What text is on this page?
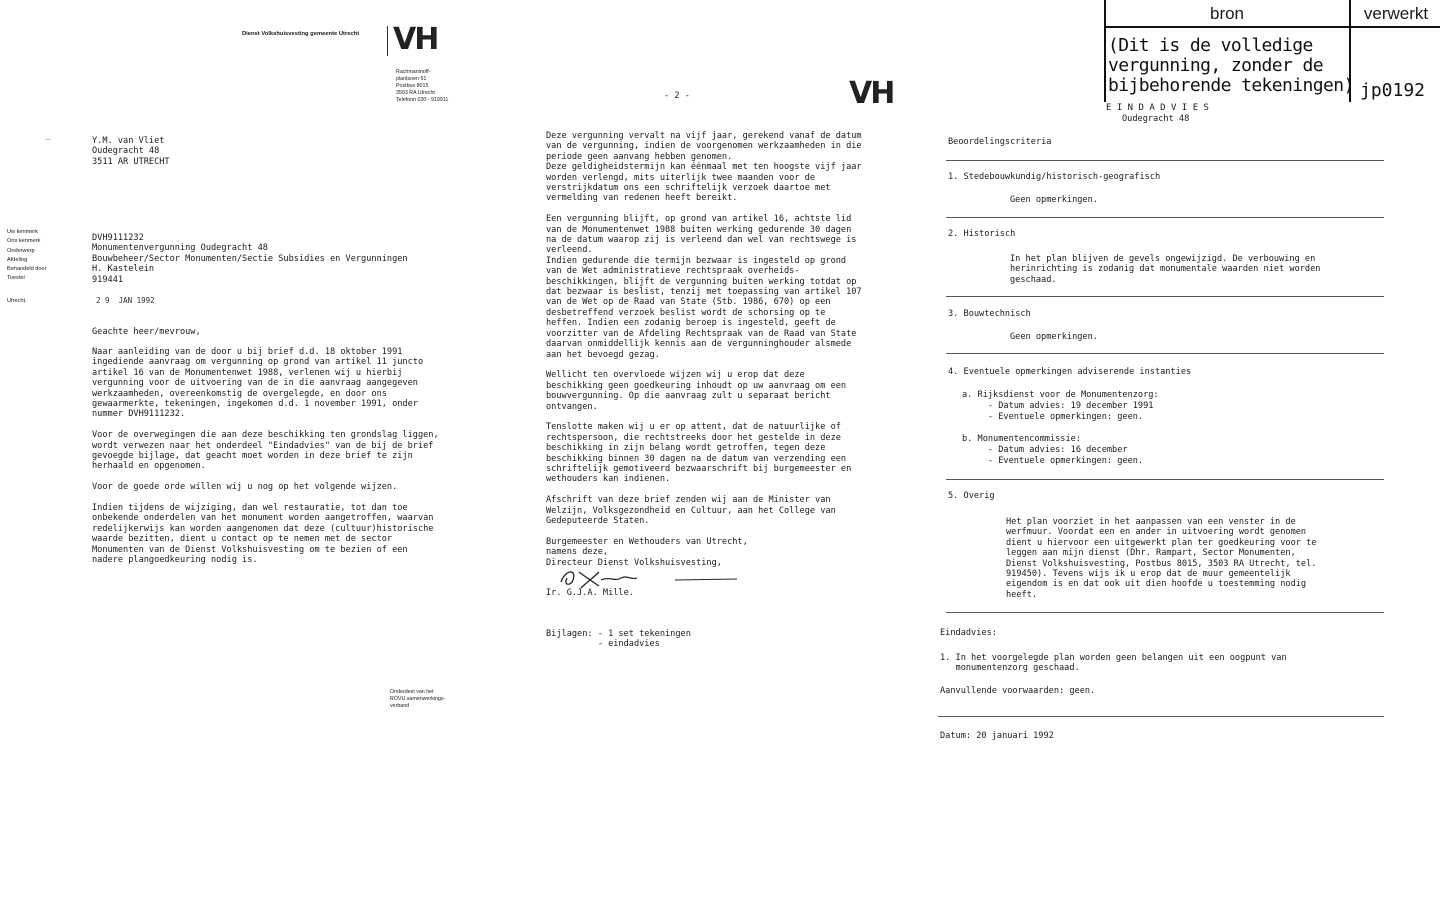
bron	verwerkt
(Dit is de volledige
vergunning, zonder de
bijbehorende tekeningen) jp0192
Dienst Volkshuisvesting gemeente Utrecht VH
Rachmaninoff-
plantsoen 61
Postbus 8015
3503 RA Utrecht
Telefoon 030 - 919911
Y.M. van Vliet
Oudegracht 48
3511 AR UTRECHT
—
Uw kenmerk
Ons kenmerk
Onderwerp
Afdeling
Behandeld door
Toestel
Utrecht,
DVH9111232
Monumentenvergunning Oudegracht 48
Bouwbeheer/Sector Monumenten/Sectie Subsidies en Vergunningen
H. Kastelein
919441
2 9  JAN 1992
Geachte heer/mevrouw,

Naar aanleiding van de door u bij brief d.d. 18 oktober 1991
ingediende aanvraag om vergunning op grond van artikel 11 juncto
artikel 16 van de Monumentenwet 1988, verlenen wij u hierbij
vergunning voor de uitvoering van de in die aanvraag aangegeven
werkzaamheden, overeenkomstig de overgelegde, en door ons
gewaarmerkte, tekeningen, ingekomen d.d. 1 november 1991, onder
nummer DVH9111232.

Voor de overwegingen die aan deze beschikking ten grondslag liggen,
wordt verwezen naar het onderdeel "Eindadvies" van de bij de brief
gevoegde bijlage, dat geacht moet worden in deze brief te zijn
herhaald en opgenomen.

Voor de goede orde willen wij u nog op het volgende wijzen.

Indien tijdens de wijziging, dan wel restauratie, tot dan toe
onbekende onderdelen van het monument worden aangetroffen, waarvan
redelijkerwijs kan worden aangenomen dat deze (cultuur)historische
waarde bezitten, dient u contact op te nemen met de sector
Monumenten van de Dienst Volkshuisvesting om te bezien of een
nadere plangoedkeuring nodig is.

Onderdeel van het
ROVU samenwerkings-
verband
- 2 -	VH

Deze vergunning vervalt na vijf jaar, gerekend vanaf de datum
van de vergunning, indien de voorgenomen werkzaamheden in die
periode geen aanvang hebben genomen.
Deze geldigheidstermijn kan éénmaal met ten hoogste vijf jaar
worden verlengd, mits uiterlijk twee maanden voor de
verstrijkdatum ons een schriftelijk verzoek daartoe met
vermelding van redenen heeft bereikt.

Een vergunning blijft, op grond van artikel 16, achtste lid
van de Monumentenwet 1988 buiten werking gedurende 30 dagen
na de datum waarop zij is verleend dan wel van rechtswege is
verleend.
Indien gedurende die termijn bezwaar is ingesteld op grond
van de Wet administratieve rechtspraak overheids-
beschikkingen, blijft de vergunning buiten werking totdat op
dat bezwaar is beslist, tenzij met toepassing van artikel 107
van de Wet op de Raad van State (Stb. 1986, 670) op een
desbetreffend verzoek beslist wordt de schorsing op te
heffen. Indien een zodanig beroep is ingesteld, geeft de
voorzitter van de Afdeling Rechtspraak van de Raad van State
daarvan onmiddellijk kennis aan de vergunninghouder alsmede
aan het bevoegd gezag.

Wellicht ten overvloede wijzen wij u erop dat deze
beschikking geen goedkeuring inhoudt op uw aanvraag om een
bouwvergunning. Op die aanvraag zult u separaat bericht
ontvangen.

Tenslotte maken wij u er op attent, dat de natuurlijke of
rechtspersoon, die rechtstreeks door het gestelde in deze
beschikking in zijn belang wordt getroffen, tegen deze
beschikking binnen 30 dagen na de datum van verzending een
schriftelijk gemotiveerd bezwaarschrift bij burgemeester en
wethouders kan indienen.

Afschrift van deze brief zenden wij aan de Minister van
Welzijn, Volksgezondheid en Cultuur, aan het College van
Gedeputeerde Staten.

Burgemeester en Wethouders van Utrecht,
namens deze,
Directeur Dienst Volkshuisvesting,

Ir. G.J.A. Mille.
Bijlagen: - 1 set tekeningen
- eindadvies
E I N D A D V I E S
Oudegracht 48
Beoordelingscriteria
1. Stedebouwkundig/historisch-geografisch
Geen opmerkingen.
2. Historisch
In het plan blijven de gevels ongewijzigd. De verbouwing en
herinrichting is zodanig dat monumentale waarden niet worden
geschaad.
3. Bouwtechnisch
Geen opmerkingen.
4. Eventuele opmerkingen adviserende instanties
a. Rijksdienst voor de Monumentenzorg:
- Datum advies: 19 december 1991
- Eventuele opmerkingen: geen.

b. Monumentencommissie:
- Datum advies: 16 december
- Eventuele opmerkingen: geen.
5. Overig
Het plan voorziet in het aanpassen van een venster in de
werfmuur. Voordat een en ander in uitvoering wordt genomen
dient u hiervoor een uitgewerkt plan ter goedkeuring voor te
leggen aan mijn dienst (Dhr. Rampart, Sector Monumenten,
Dienst Volkshuisvesting, Postbus 8015, 3503 RA Utrecht, tel.
919450). Tevens wijs ik u erop dat de muur gemeentelijk
eigendom is en dat ook uit dien hoofde u toestemming nodig
heeft.
Eindadvies:
1. In het voorgelegde plan worden geen belangen uit een oogpunt van
monumentenzorg geschaad.
Aanvullende voorwaarden: geen.
Datum: 20 januari 1992
